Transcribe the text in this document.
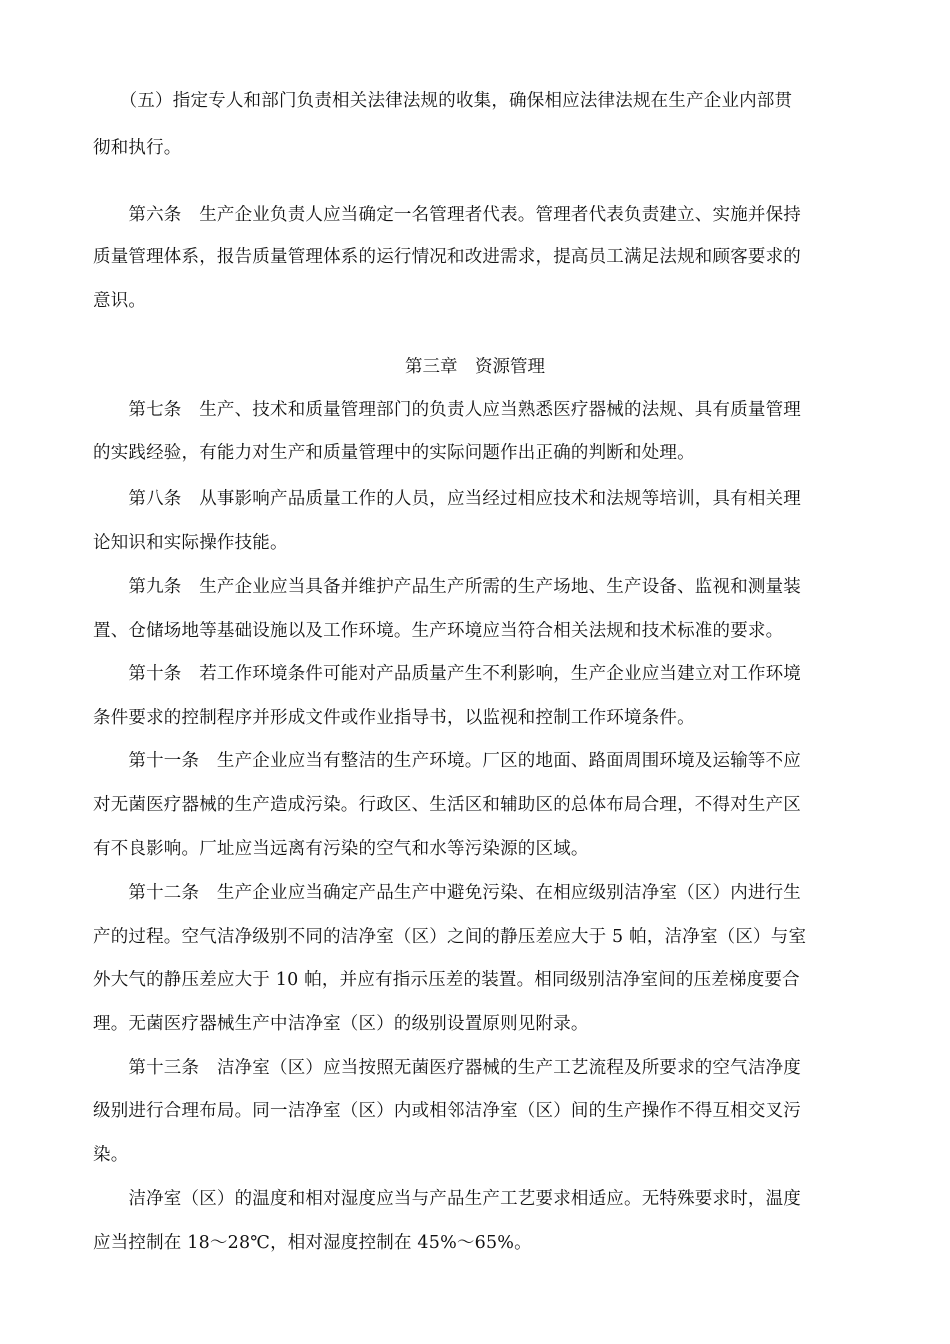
　　（五）指定专人和部门负责相关法律法规的收集，确保相应法律法规在生产企业内部贯
彻和执行。
　　第六条　生产企业负责人应当确定一名管理者代表。管理者代表负责建立、实施并保持
质量管理体系，报告质量管理体系的运行情况和改进需求，提高员工满足法规和顾客要求的
意识。
第三章　资源管理
　　第七条　生产、技术和质量管理部门的负责人应当熟悉医疗器械的法规、具有质量管理
的实践经验，有能力对生产和质量管理中的实际问题作出正确的判断和处理。
　　第八条　从事影响产品质量工作的人员，应当经过相应技术和法规等培训，具有相关理
论知识和实际操作技能。
　　第九条　生产企业应当具备并维护产品生产所需的生产场地、生产设备、监视和测量装
置、仓储场地等基础设施以及工作环境。生产环境应当符合相关法规和技术标准的要求。
　　第十条　若工作环境条件可能对产品质量产生不利影响，生产企业应当建立对工作环境
条件要求的控制程序并形成文件或作业指导书，以监视和控制工作环境条件。
　　第十一条　生产企业应当有整洁的生产环境。厂区的地面、路面周围环境及运输等不应
对无菌医疗器械的生产造成污染。行政区、生活区和辅助区的总体布局合理，不得对生产区
有不良影响。厂址应当远离有污染的空气和水等污染源的区域。
　　第十二条　生产企业应当确定产品生产中避免污染、在相应级别洁净室（区）内进行生
产的过程。空气洁净级别不同的洁净室（区）之间的静压差应大于 5 帕，洁净室（区）与室
外大气的静压差应大于 10 帕，并应有指示压差的装置。相同级别洁净室间的压差梯度要合
理。无菌医疗器械生产中洁净室（区）的级别设置原则见附录。
　　第十三条　洁净室（区）应当按照无菌医疗器械的生产工艺流程及所要求的空气洁净度
级别进行合理布局。同一洁净室（区）内或相邻洁净室（区）间的生产操作不得互相交叉污
染。
　　洁净室（区）的温度和相对湿度应当与产品生产工艺要求相适应。无特殊要求时，温度
应当控制在 18～28℃，相对湿度控制在 45%～65%。
